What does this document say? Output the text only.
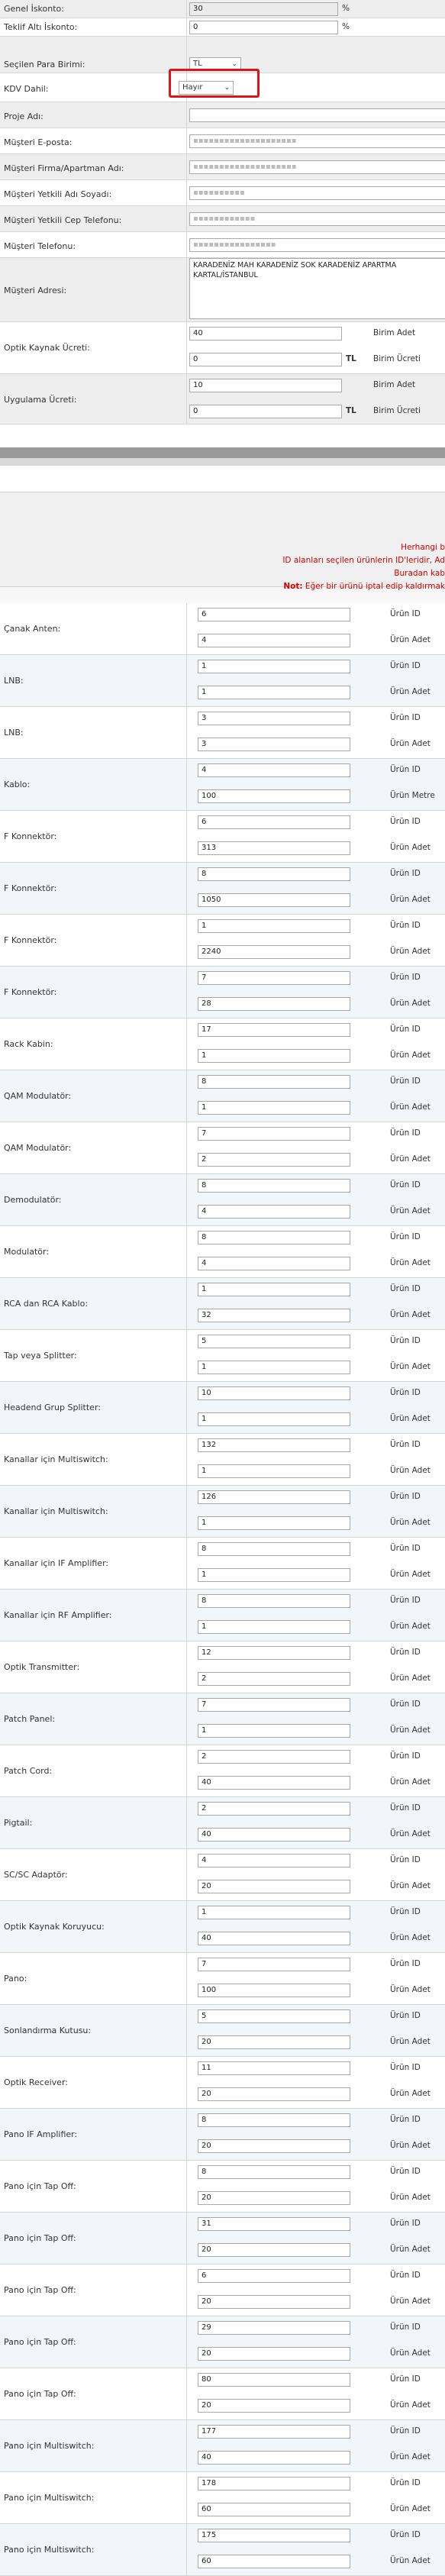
Genel İskonto:	30	%
Teklif Altı İskonto:	0	%
Seçilen Para Birimi:	TL	⌄
KDV Dahil:	Hayır	⌄
Proje Adı:
Müşteri E-posta:	▪▪▪▪▪▪▪▪▪▪▪▪▪▪▪▪▪▪▪▪
Müşteri Firma/Apartman Adı:	▪▪▪▪▪▪▪▪▪▪▪▪▪▪▪▪▪▪▪▪
Müşteri Yetkili Adı Soyadı:	▪▪▪▪▪▪▪▪▪▪
Müşteri Yetkili Cep Telefonu:	▪▪▪▪▪▪▪▪▪▪▪▪
Müşteri Telefonu:	▪▪▪▪▪▪▪▪▪▪▪▪▪▪▪▪
Müşteri Adresi:
KARADENİZ MAH KARADENİZ SOK KARADENİZ APARTMA
KARTAL/İSTANBUL
Optik Kaynak Ücreti:
40	Birim Adet
0	TL Birim Ücreti
Uygulama Ücreti:
10	Birim Adet
0	TL Birim Ücreti
Herhangi b
ID alanları seçilen ürünlerin ID'leridir, Ad
Buradan kab
Not: Eğer bir ürünü iptal edip kaldırmak
Çanak Anten:
6	Ürün ID
4	Ürün Adet
LNB:
1	Ürün ID
1	Ürün Adet
LNB:
3	Ürün ID
3	Ürün Adet
Kablo:
4	Ürün ID
100	Ürün Metre
F Konnektör:
6	Ürün ID
313	Ürün Adet
F Konnektör:
8	Ürün ID
1050	Ürün Adet
F Konnektör:
1	Ürün ID
2240	Ürün Adet
F Konnektör:
7	Ürün ID
28	Ürün Adet
Rack Kabin:
17	Ürün ID
1	Ürün Adet
QAM Modulatör:
8	Ürün ID
1	Ürün Adet
QAM Modulatör:
7	Ürün ID
2	Ürün Adet
Demodulatör:
8	Ürün ID
4	Ürün Adet
Modulatör:
8	Ürün ID
4	Ürün Adet
RCA dan RCA Kablo:
1	Ürün ID
32	Ürün Adet
Tap veya Splitter:
5	Ürün ID
1	Ürün Adet
Headend Grup Splitter:
10	Ürün ID
1	Ürün Adet
Kanallar için Multiswitch:
132	Ürün ID
1	Ürün Adet
Kanallar için Multiswitch:
126	Ürün ID
1	Ürün Adet
Kanallar için IF Amplifier:
8	Ürün ID
1	Ürün Adet
Kanallar için RF Amplifier:
8	Ürün ID
1	Ürün Adet
Optik Transmitter:
12	Ürün ID
2	Ürün Adet
Patch Panel:
7	Ürün ID
1	Ürün Adet
Patch Cord:
2	Ürün ID
40	Ürün Adet
Pigtail:
2	Ürün ID
40	Ürün Adet
SC/SC Adaptör:
4	Ürün ID
20	Ürün Adet
Optik Kaynak Koruyucu:
1	Ürün ID
40	Ürün Adet
Pano:
7	Ürün ID
100	Ürün Adet
Sonlandırma Kutusu:
5	Ürün ID
20	Ürün Adet
Optik Receiver:
11	Ürün ID
20	Ürün Adet
Pano IF Amplifier:
8	Ürün ID
20	Ürün Adet
Pano için Tap Off:
8	Ürün ID
20	Ürün Adet
Pano için Tap Off:
31	Ürün ID
20	Ürün Adet
Pano için Tap Off:
6	Ürün ID
20	Ürün Adet
Pano için Tap Off:
29	Ürün ID
20	Ürün Adet
Pano için Tap Off:
80	Ürün ID
20	Ürün Adet
Pano için Multiswitch:
177	Ürün ID
40	Ürün Adet
Pano için Multiswitch:
178	Ürün ID
60	Ürün Adet
Pano için Multiswitch:
175	Ürün ID
60	Ürün Adet
